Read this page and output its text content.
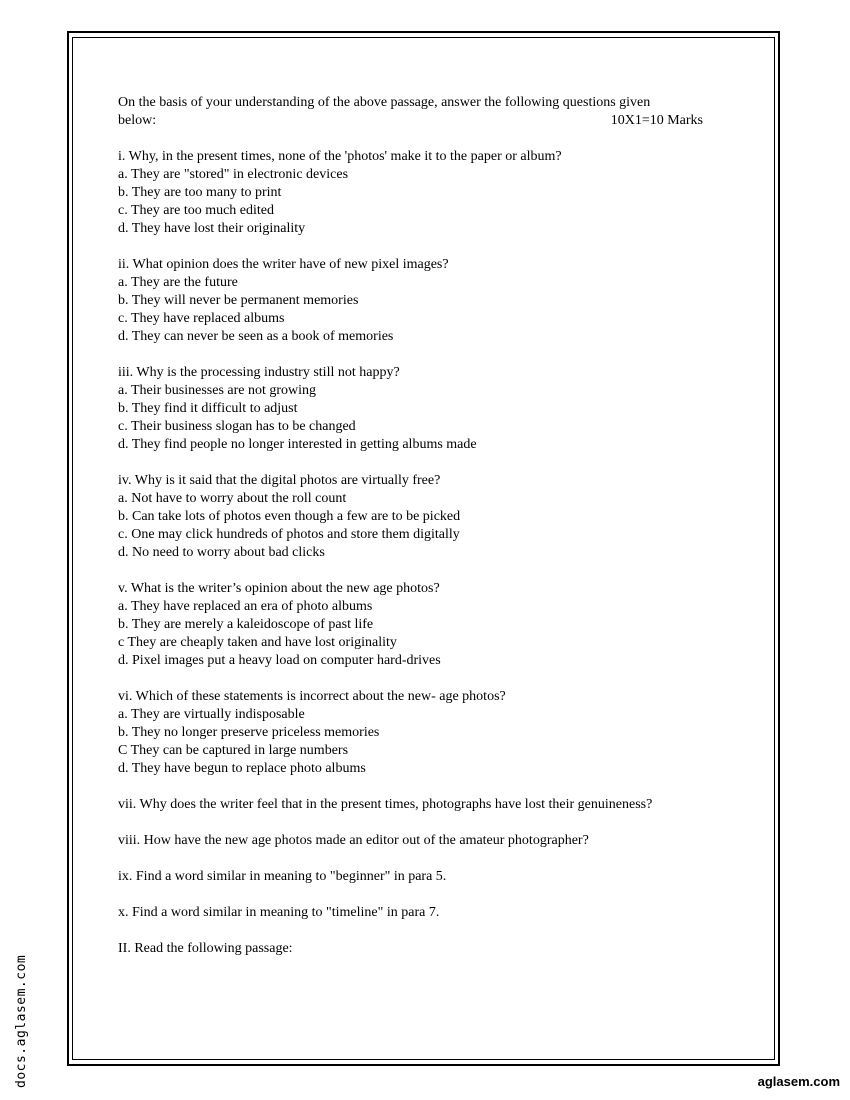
On the basis of your understanding of the above passage, answer the following questions given
below:	10X1=10 Marks
i. Why, in the present times, none of the 'photos' make it to the paper or album?
a. They are "stored" in electronic devices
b. They are too many to print
c. They are too much edited
d. They have lost their originality
ii. What opinion does the writer have of new pixel images?
a. They are the future
b. They will never be permanent memories
c. They have replaced albums
d. They can never be seen as a book of memories
iii. Why is the processing industry still not happy?
a. Their businesses are not growing
b. They find it difficult to adjust
c. Their business slogan has to be changed
d. They find people no longer interested in getting albums made
iv. Why is it said that the digital photos are virtually free?
a. Not have to worry about the roll count
b. Can take lots of photos even though a few are to be picked
c. One may click hundreds of photos and store them digitally
d. No need to worry about bad clicks
v. What is the writer’s opinion about the new age photos?
a. They have replaced an era of photo albums
b. They are merely a kaleidoscope of past life
c They are cheaply taken and have lost originality
d. Pixel images put a heavy load on computer hard-drives
vi. Which of these statements is incorrect about the new- age photos?
a. They are virtually indisposable
b. They no longer preserve priceless memories
C They can be captured in large numbers
d. They have begun to replace photo albums
vii. Why does the writer feel that in the present times, photographs have lost their genuineness?
viii. How have the new age photos made an editor out of the amateur photographer?
ix. Find a word similar in meaning to "beginner" in para 5.
x. Find a word similar in meaning to "timeline" in para 7.
II. Read the following passage:
docs.aglasem.com	aglasem.com
